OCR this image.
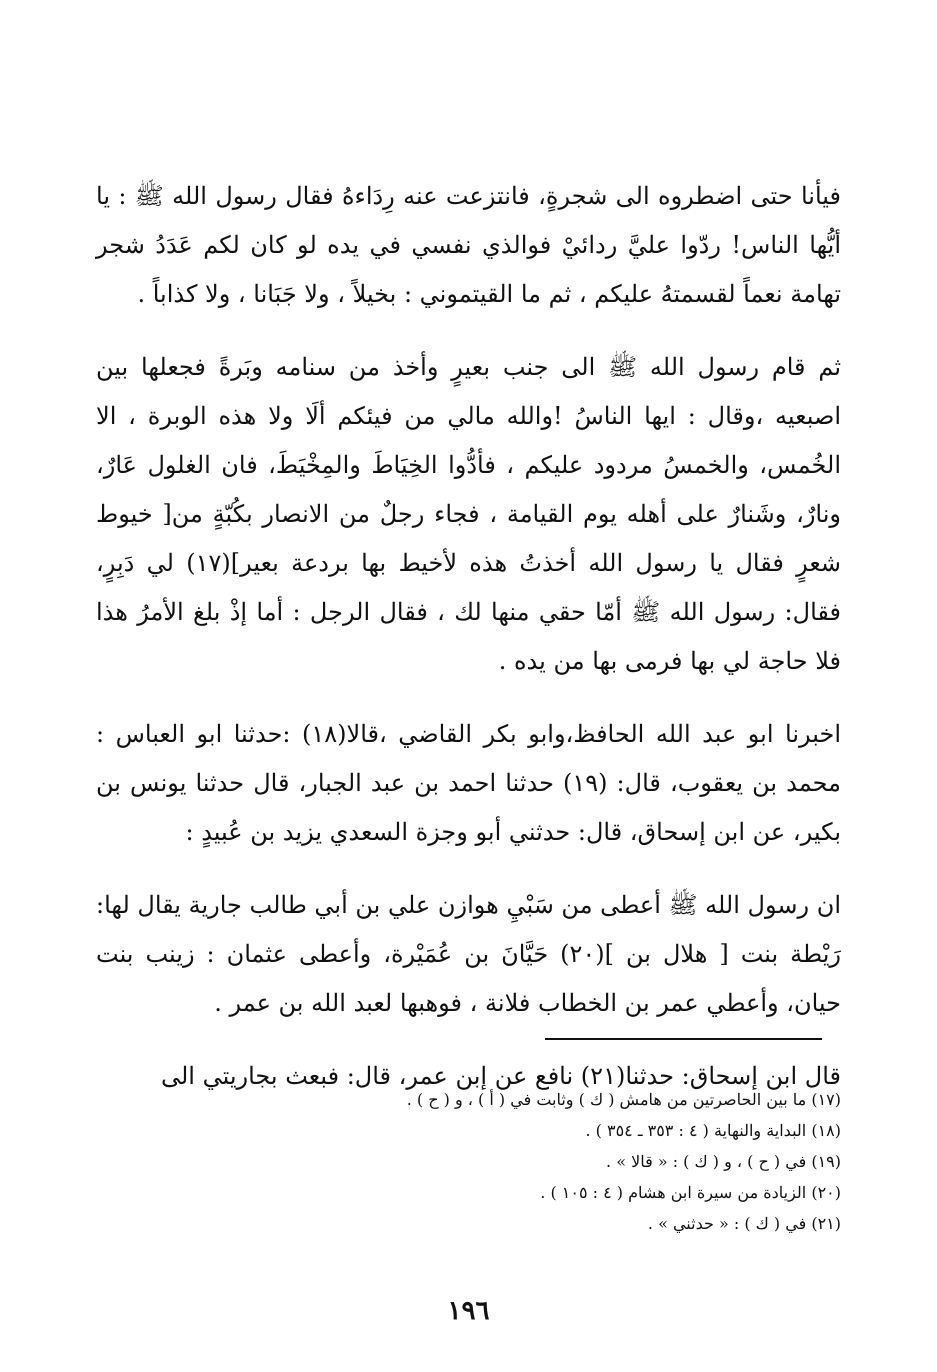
فيأنا حتى اضطروه الى شجرةٍ، فانتزعت عنه رِدَاءهُ فقال رسول الله ﷺ : يا أيُّها الناس! ردّوا عليَّ ردائيْ فوالذي نفسي في يده لو كان لكم عَدَدُ شجر تهامة نعماً لقسمتهُ عليكم ، ثم ما القيتموني : بخيلاً ، ولا جَبَانا ، ولا كذاباً .

ثم قام رسول الله ﷺ الى جنب بعيرٍ وأخذ من سنامه وبَرةً فجعلها بين اصبعيه ،وقال : ايها الناسُ !والله مالي من فيئكم ألَا ولا هذه الوبرة ، الا الخُمس، والخمسُ مردود عليكم ، فأدُّوا الخِيَاطَ والمِخْيَطَ، فان الغلول عَارٌ، ونارٌ، وشَنارٌ على أهله يوم القيامة ، فجاء رجلٌ من الانصار بكُبّةٍ من[ خيوط شعرٍ فقال يا رسول الله أخذتُ هذه لأخيط بها بردعة بعير](١٧) لي دَبِرٍ، فقال: رسول الله ﷺ أمّا حقي منها لك ، فقال الرجل : أما إذْ بلغ الأمرُ هذا فلا حاجة لي بها فرمى بها من يده .

اخبرنا ابو عبد الله الحافظ،وابو بكر القاضي ،قالا(١٨) :حدثنا ابو العباس : محمد بن يعقوب، قال: (١٩) حدثنا احمد بن عبد الجبار، قال حدثنا يونس بن بكير، عن ابن إسحاق، قال: حدثني أبو وجزة السعدي يزيد بن عُبيدٍ :

ان رسول الله ﷺ أعطى من سَبْيِ هوازن علي بن أبي طالب جارية يقال لها: رَيْطة بنت [ هلال بن ](٢٠) حَيَّانَ بن عُمَيْرة، وأعطى عثمان : زينب بنت حيان، وأعطي عمر بن الخطاب فلانة ، فوهبها لعبد الله بن عمر .

قال ابن إسحاق: حدثنا(٢١) نافع عن إبن عمر، قال: فبعث بجاريتي الى

(١٧) ما بين الحاصرتين من هامش ( ك ) وثابت في ( أ ) ، و ( ح ) .
(١٨) البداية والنهاية ( ٤ : ٣٥٣ ـ ٣٥٤ ) .
(١٩) في ( ح ) ، و ( ك ) : « قالا » .
(٢٠) الزيادة من سيرة ابن هشام ( ٤ : ١٠٥ ) .
(٢١) في ( ك ) : « حدثني » .
١٩٦
